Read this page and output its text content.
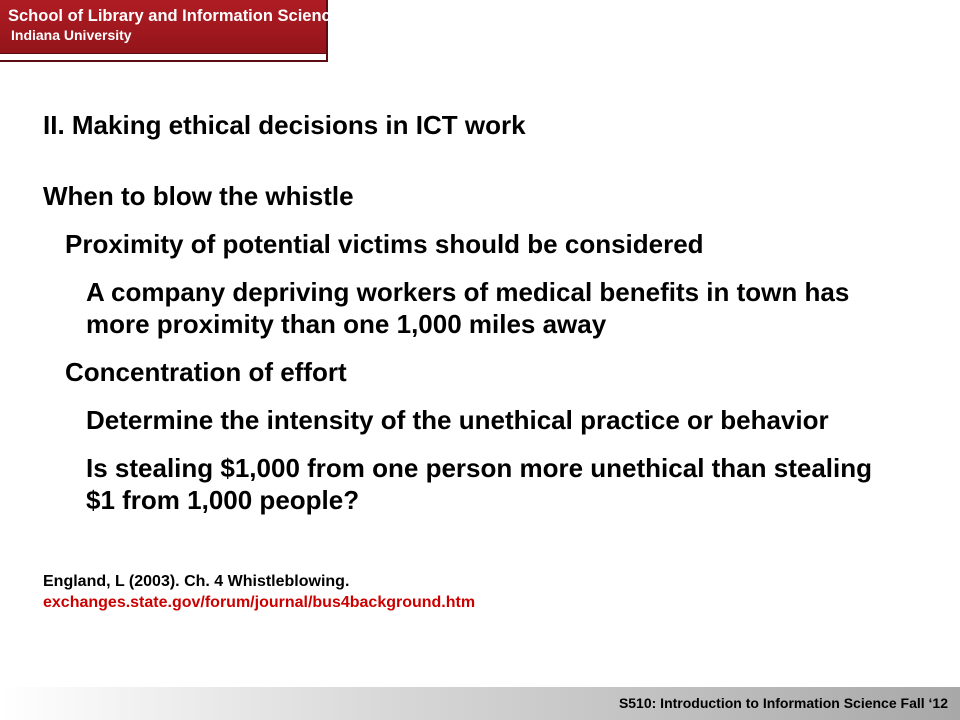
School of Library and Information Science
Indiana University
II. Making ethical decisions in ICT work
When to blow the whistle
Proximity of potential victims should be considered
A company depriving workers of medical benefits in town has more proximity than one 1,000 miles away
Concentration of effort
Determine the intensity of the unethical practice or behavior
Is stealing $1,000 from one person more unethical than stealing $1 from 1,000 people?
England, L (2003). Ch. 4 Whistleblowing.
exchanges.state.gov/forum/journal/bus4background.htm
S510: Introduction to Information Science Fall ‘12
